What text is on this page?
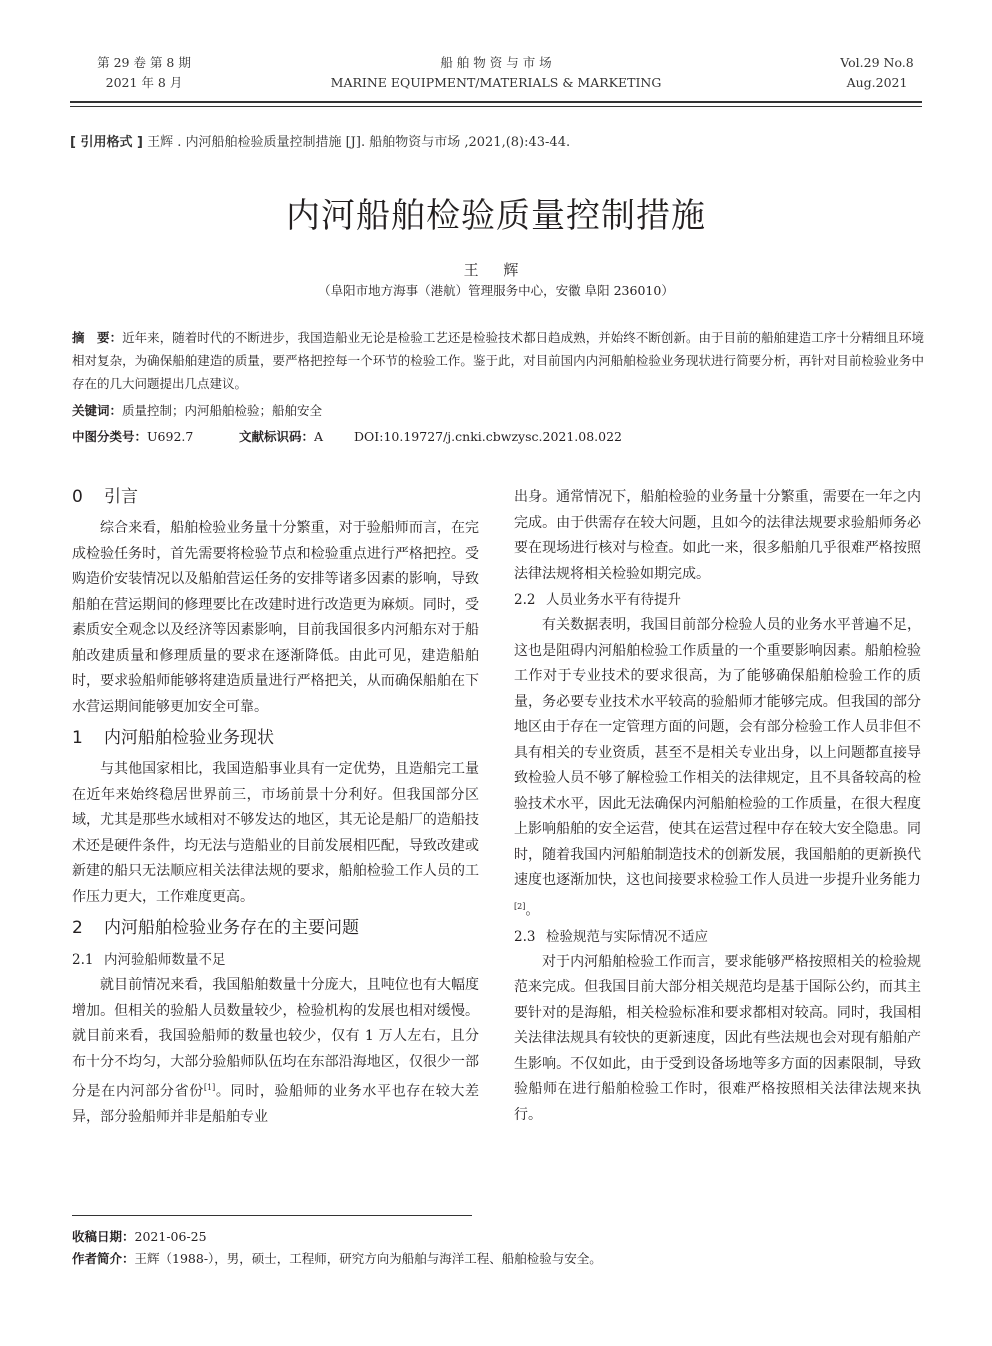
第 29 卷 第 8 期
2021 年 8 月
船 舶 物 资 与 市 场
MARINE EQUIPMENT/MATERIALS & MARKETING
Vol.29 No.8
Aug.2021
[ 引用格式 ] 王辉 . 内河船舶检验质量控制措施 [J]. 船舶物资与市场 ,2021,(8):43-44.
内河船舶检验质量控制措施
王 辉
（阜阳市地方海事（港航）管理服务中心，安徽 阜阳 236010）
摘　要：近年来，随着时代的不断进步，我国造船业无论是检验工艺还是检验技术都日趋成熟，并始终不断创新。由于目前的船舶建造工序十分精细且环境相对复杂，为确保船舶建造的质量，要严格把控每一个环节的检验工作。鉴于此，对目前国内内河船舶检验业务现状进行简要分析，再针对目前检验业务中存在的几大问题提出几点建议。
关键词：质量控制；内河船舶检验；船舶安全
中图分类号：U692.7	文献标识码：A DOI:10.19727/j.cnki.cbwzysc.2021.08.022
0 引言

综合来看，船舶检验业务量十分繁重，对于验船师而言，在完成检验任务时，首先需要将检验节点和检验重点进行严格把控。受购造价安装情况以及船舶营运任务的安排等诸多因素的影响，导致船舶在营运期间的修理要比在改建时进行改造更为麻烦。同时，受素质安全观念以及经济等因素影响，目前我国很多内河船东对于船舶改建质量和修理质量的要求在逐渐降低。由此可见，建造船舶时，要求验船师能够将建造质量进行严格把关，从而确保船舶在下水营运期间能够更加安全可靠。

1 内河船舶检验业务现状

与其他国家相比，我国造船事业具有一定优势，且造船完工量在近年来始终稳居世界前三，市场前景十分利好。但我国部分区域，尤其是那些水域相对不够发达的地区，其无论是船厂的造船技术还是硬件条件，均无法与造船业的目前发展相匹配，导致改建或新建的船只无法顺应相关法律法规的要求，船舶检验工作人员的工作压力更大，工作难度更高。

2 内河船舶检验业务存在的主要问题
2.1 内河验船师数量不足

就目前情况来看，我国船舶数量十分庞大，且吨位也有大幅度增加。但相关的验船人员数量较少，检验机构的发展也相对缓慢。就目前来看，我国验船师的数量也较少，仅有 1 万人左右，且分布十分不均匀，大部分验船师队伍均在东部沿海地区，仅很少一部分是在内河部分省份[1]。同时，验船师的业务水平也存在较大差异，部分验船师并非是船舶专业

出身。通常情况下，船舶检验的业务量十分繁重，需要在一年之内完成。由于供需存在较大问题，且如今的法律法规要求验船师务必要在现场进行核对与检查。如此一来，很多船舶几乎很难严格按照法律法规将相关检验如期完成。

2.2 人员业务水平有待提升

有关数据表明，我国目前部分检验人员的业务水平普遍不足，这也是阻碍内河船舶检验工作质量的一个重要影响因素。船舶检验工作对于专业技术的要求很高，为了能够确保船舶检验工作的质量，务必要专业技术水平较高的验船师才能够完成。但我国的部分地区由于存在一定管理方面的问题，会有部分检验工作人员非但不具有相关的专业资质，甚至不是相关专业出身，以上问题都直接导致检验人员不够了解检验工作相关的法律规定，且不具备较高的检验技术水平，因此无法确保内河船舶检验的工作质量，在很大程度上影响船舶的安全运营，使其在运营过程中存在较大安全隐患。同时，随着我国内河船舶制造技术的创新发展，我国船舶的更新换代速度也逐渐加快，这也间接要求检验工作人员进一步提升业务能力[2]。

2.3 检验规范与实际情况不适应

对于内河船舶检验工作而言，要求能够严格按照相关的检验规范来完成。但我国目前大部分相关规范均是基于国际公约，而其主要针对的是海船，相关检验标准和要求都相对较高。同时，我国相关法律法规具有较快的更新速度，因此有些法规也会对现有船舶产生影响。不仅如此，由于受到设备场地等多方面的因素限制，导致验船师在进行船舶检验工作时，很难严格按照相关法律法规来执行。

收稿日期：2021-06-25
作者简介：王辉（1988-），男，硕士，工程师，研究方向为船舶与海洋工程、船舶检验与安全。
